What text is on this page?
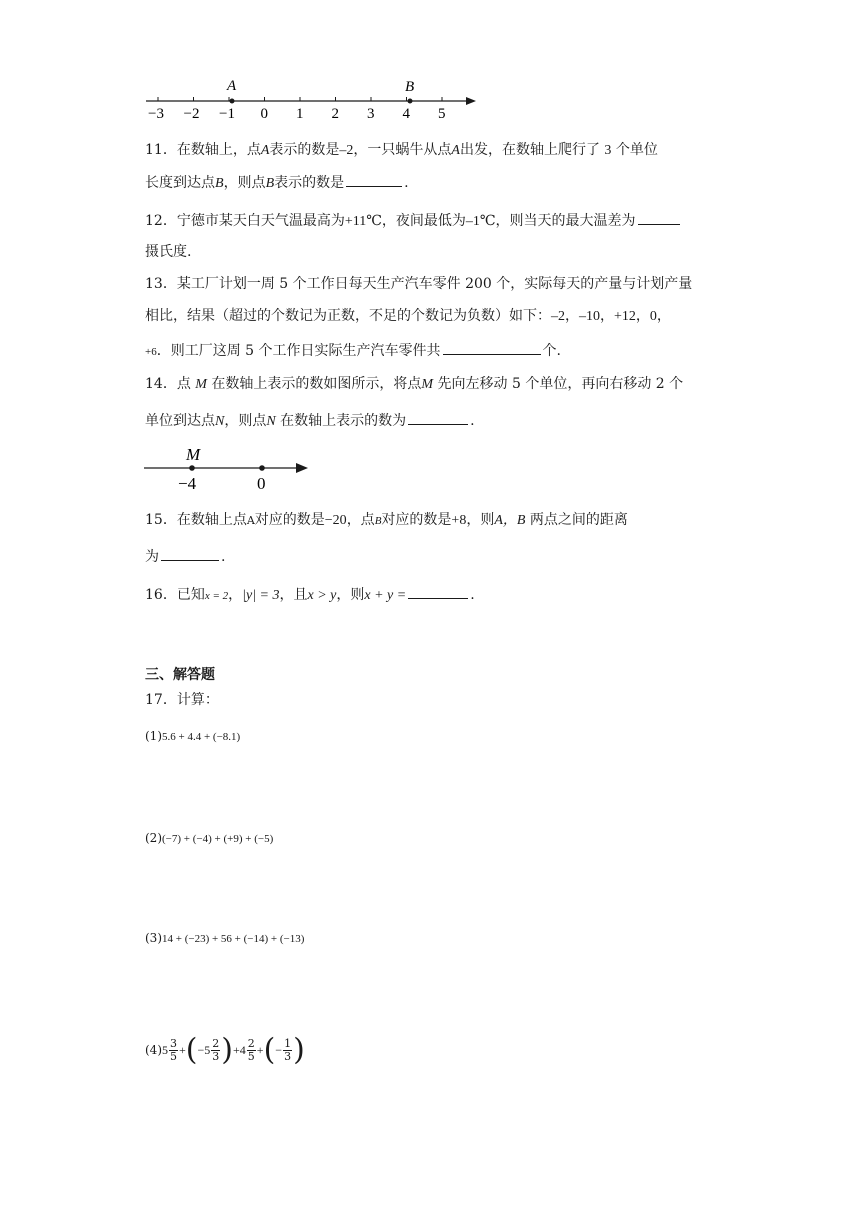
−3 −2 −1 0 1 2 3 4 5
A	B
11．在数轴上，点A表示的数是–2，一只蜗牛从点A出发，在数轴上爬行了 3 个单位
长度到达点B，则点B表示的数是	.
12．宁德市某天白天气温最高为+11℃，夜间最低为–1℃，则当天的最大温差为
摄氏度.
13．某工厂计划一周 5 个工作日每天生产汽车零件 200 个，实际每天的产量与计划产量
相比，结果（超过的个数记为正数，不足的个数记为负数）如下：–2，–10，+12，0，
+6．则工厂这周 5 个工作日实际生产汽车零件共	个.
14．点 M 在数轴上表示的数如图所示，将点M 先向左移动 5 个单位，再向右移动 2 个
单位到达点N，则点N 在数轴上表示的数为	.
M
−4	0
15．在数轴上点A对应的数是−20，点B对应的数是+8，则A，B 两点之间的距离
为	.
16．已知x = 2，|y| = 3，且x > y，则x + y =	.
三、解答题
17．计算：
(1)5.6 + 4.4 + (−8.1)
(2)(−7) + (−4) + (+9) + (−5)
(3)14 + (−23) + 56 + (−14) + (−13)
$(4)5 \frac{3}{5} +(-5 \frac{2}{3} )+4 \frac{2}{5}$ +(− $\frac{1}{3}$ )
